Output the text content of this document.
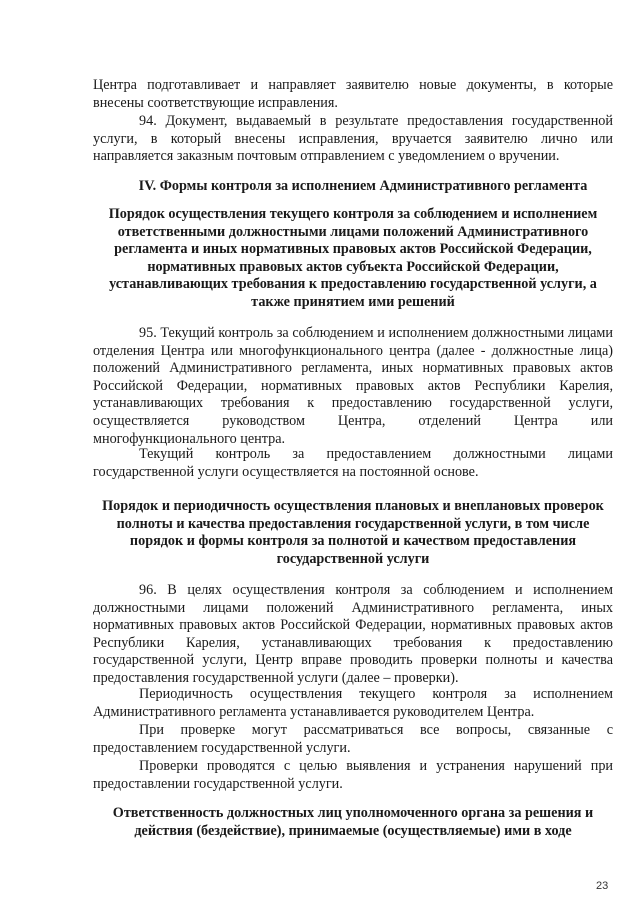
Центра подготавливает и направляет заявителю новые документы, в которые внесены соответствующие исправления.

94. Документ, выдаваемый в результате предоставления государственной услуги, в который внесены исправления, вручается заявителю лично или направляется заказным почтовым отправлением с уведомлением о вручении.

IV. Формы контроля за исполнением Административного регламента

Порядок осуществления текущего контроля за соблюдением и исполнением ответственными должностными лицами положений Административного регламента и иных нормативных правовых актов Российской Федерации, нормативных правовых актов субъекта Российской Федерации, устанавливающих требования к предоставлению государственной услуги, а также принятием ими решений

95. Текущий контроль за соблюдением и исполнением должностными лицами отделения Центра или многофункционального центра (далее - должностные лица) положений Административного регламента, иных нормативных правовых актов Российской Федерации, нормативных правовых актов Республики Карелия, устанавливающих требования к предоставлению государственной услуги, осуществляется руководством Центра, отделений Центра или многофункционального центра.

Текущий контроль за предоставлением должностными лицами государственной услуги осуществляется на постоянной основе.

Порядок и периодичность осуществления плановых и внеплановых проверок полноты и качества предоставления государственной услуги, в том числе порядок и формы контроля за полнотой и качеством предоставления государственной услуги

96. В целях осуществления контроля за соблюдением и исполнением должностными лицами положений Административного регламента, иных нормативных правовых актов Российской Федерации, нормативных правовых актов Республики Карелия, устанавливающих требования к предоставлению государственной услуги, Центр вправе проводить проверки полноты и качества предоставления государственной услуги (далее – проверки).

Периодичность осуществления текущего контроля за исполнением Административного регламента устанавливается руководителем Центра.

При проверке могут рассматриваться все вопросы, связанные с предоставлением государственной услуги.

Проверки проводятся с целью выявления и устранения нарушений при предоставлении государственной услуги.

Ответственность должностных лиц уполномоченного органа за решения и действия (бездействие), принимаемые (осуществляемые) ими в ходе

23
